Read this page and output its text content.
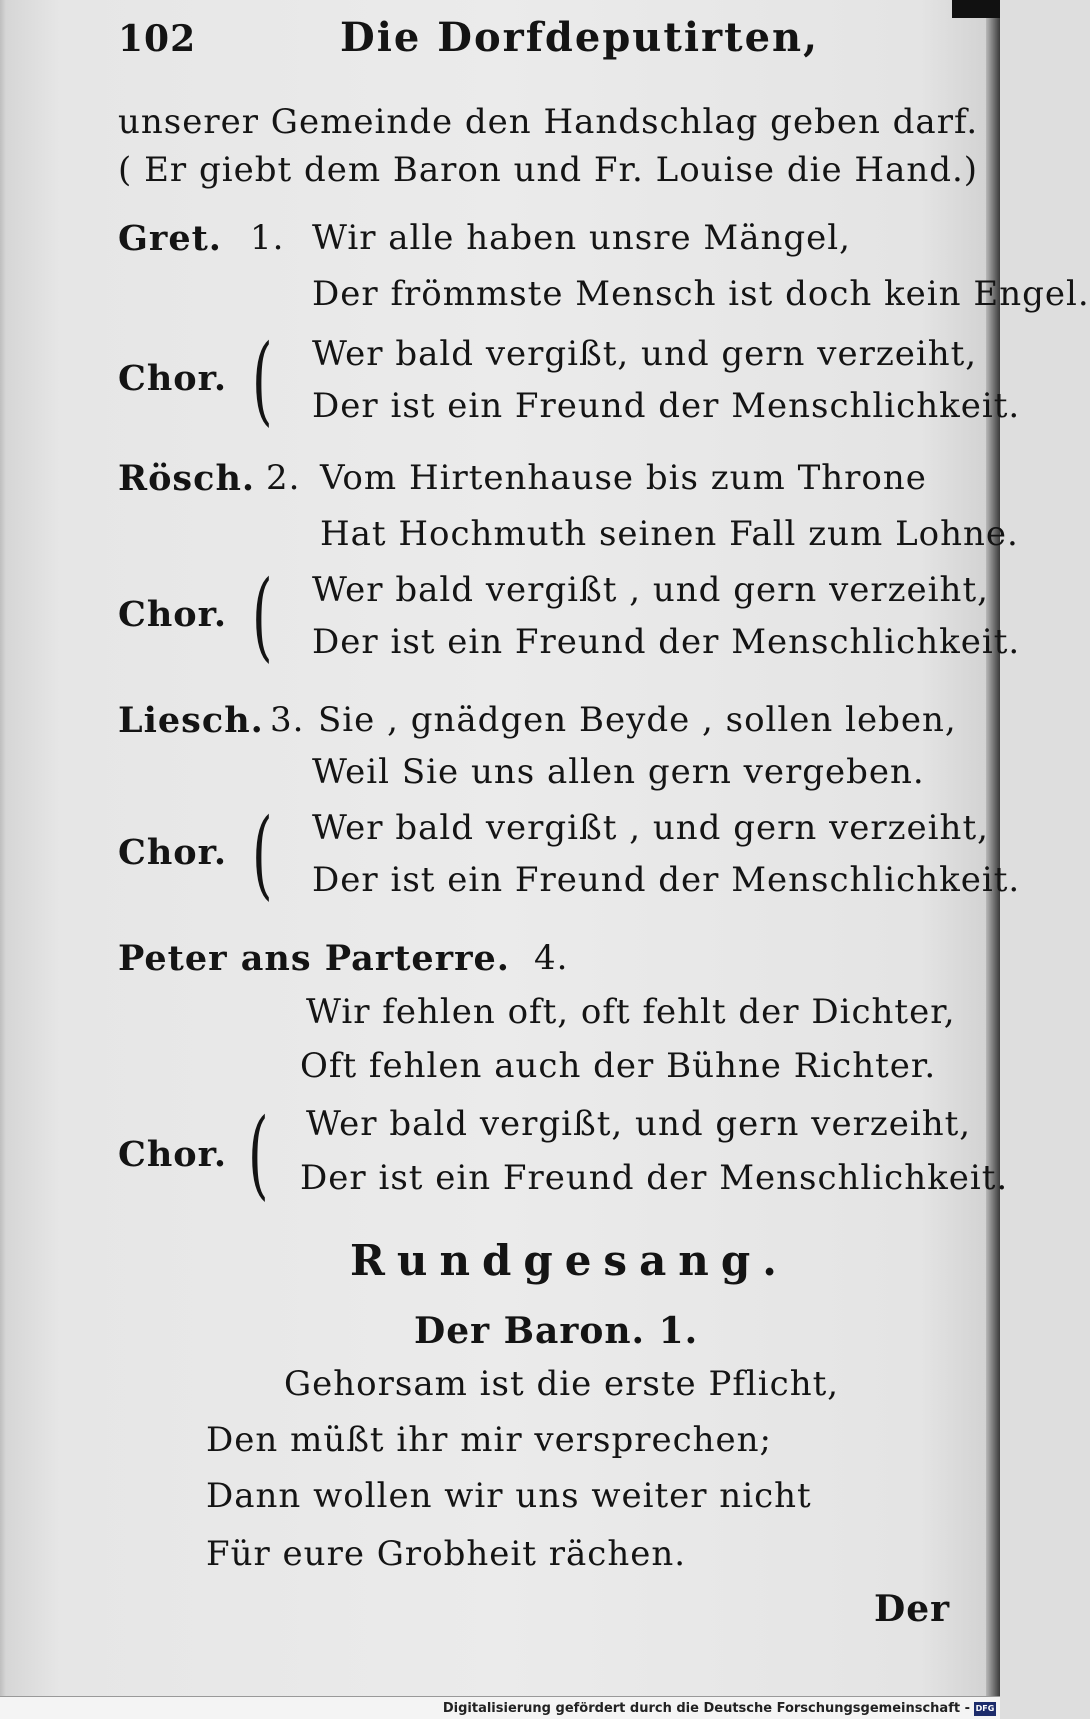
102	Die Dorfdeputirten,
unserer Gemeinde den Handschlag geben darf.
( Er giebt dem Baron und Fr. Louise die Hand.)
Gret. 1. Wir alle haben unsre Mängel,
Der frömmste Mensch ist doch kein Engel.
Chor. ( Wer bald vergißt, und gern verzeiht,
Der ist ein Freund der Menschlichkeit.
Rösch. 2. Vom Hirtenhause bis zum Throne
Hat Hochmuth seinen Fall zum Lohne.
Chor. ( Wer bald vergißt , und gern verzeiht,
Der ist ein Freund der Menschlichkeit.
Liesch. 3. Sie , gnädgen Beyde , sollen leben,
Weil Sie uns allen gern vergeben.
Chor. ( Wer bald vergißt , und gern verzeiht,
Der ist ein Freund der Menschlichkeit.
Peter ans Parterre. 4.
Wir fehlen oft, oft fehlt der Dichter,
Oft fehlen auch der Bühne Richter.
Chor. ( Wer bald vergißt, und gern verzeiht,
Der ist ein Freund der Menschlichkeit.
Rundgesang.
Der Baron. 1.
Gehorsam ist die erste Pflicht,
Den müßt ihr mir versprechen;
Dann wollen wir uns weiter nicht
Für eure Grobheit rächen.
Der
Digitalisierung gefördert durch die Deutsche Forschungsgemeinschaft - DFG
